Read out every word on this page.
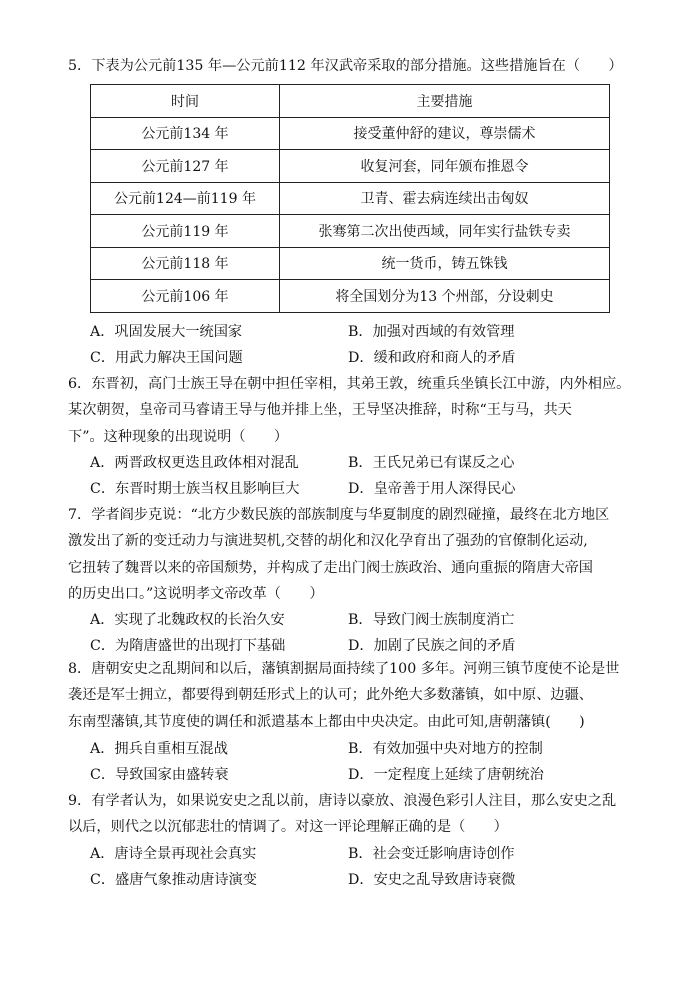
5．下表为公元前135 年—公元前112 年汉武帝采取的部分措施。这些措施旨在（　　）
时间	主要措施
公元前134 年	接受董仲舒的建议，尊崇儒术
公元前127 年	收复河套，同年颁布推恩令
公元前124—前119 年	卫青、霍去病连续出击匈奴
公元前119 年	张骞第二次出使西域，同年实行盐铁专卖
公元前118 年	统一货币，铸五铢钱
公元前106 年	将全国划分为13 个州部，分设刺史
A．巩固发展大一统国家	B．加强对西域的有效管理
C．用武力解决王国问题	D．缓和政府和商人的矛盾
6．东晋初，高门士族王导在朝中担任宰相，其弟王敦，统重兵坐镇长江中游，内外相应。
某次朝贺，皇帝司马睿请王导与他并排上坐，王导坚决推辞，时称“王与马，共天
下”。这种现象的出现说明（　　）
A．两晋政权更迭且政体相对混乱	B．王氏兄弟已有谋反之心
C．东晋时期士族当权且影响巨大	D．皇帝善于用人深得民心
7．学者阎步克说：“北方少数民族的部族制度与华夏制度的剧烈碰撞，最终在北方地区
激发出了新的变迁动力与演进契机,交替的胡化和汉化孕育出了强劲的官僚制化运动,
它扭转了魏晋以来的帝国颓势，并构成了走出门阀士族政治、通向重振的隋唐大帝国
的历史出口。”这说明孝文帝改革（　　）
A．实现了北魏政权的长治久安	B．导致门阀士族制度消亡
C．为隋唐盛世的出现打下基础	D．加剧了民族之间的矛盾
8．唐朝安史之乱期间和以后，藩镇割据局面持续了100 多年。河朔三镇节度使不论是世
袭还是军士拥立，都要得到朝廷形式上的认可；此外绝大多数藩镇，如中原、边疆、
东南型藩镇,其节度使的调任和派遣基本上都由中央决定。由此可知,唐朝藩镇(　　)
A．拥兵自重相互混战	B．有效加强中央对地方的控制
C．导致国家由盛转衰	D．一定程度上延续了唐朝统治
9．有学者认为，如果说安史之乱以前，唐诗以豪放、浪漫色彩引人注目，那么安史之乱
以后，则代之以沉郁悲壮的情调了。对这一评论理解正确的是（　　）
A．唐诗全景再现社会真实	B．社会变迁影响唐诗创作
C．盛唐气象推动唐诗演变	D．安史之乱导致唐诗衰微
